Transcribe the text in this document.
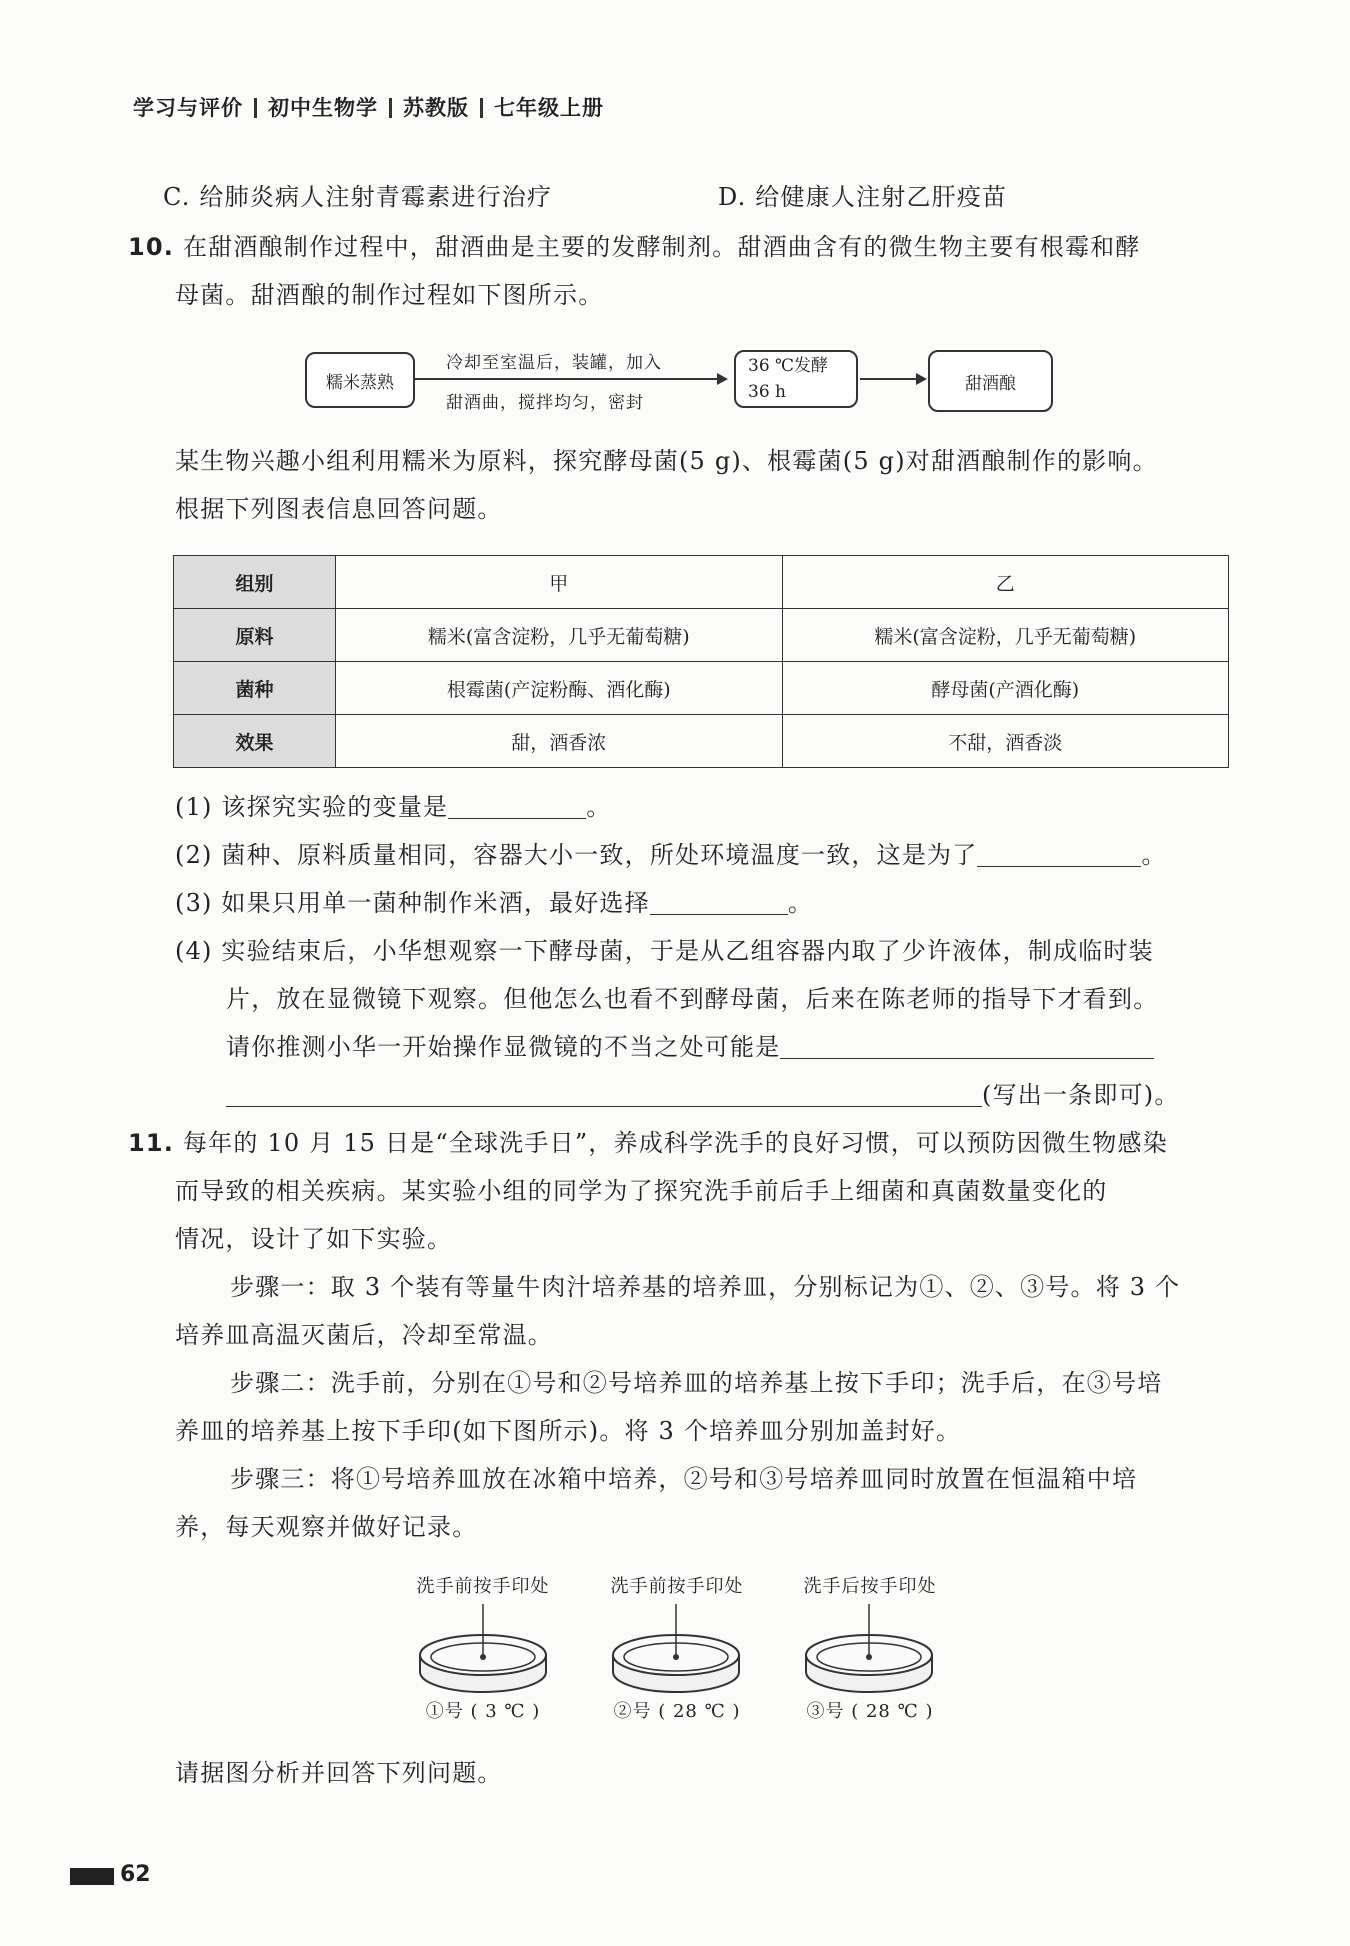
学习与评价 初中生物学 苏教版 七年级上册
C. 给肺炎病人注射青霉素进行治疗	D. 给健康人注射乙肝疫苗
10. 在甜酒酿制作过程中，甜酒曲是主要的发酵制剂。甜酒曲含有的微生物主要有根霉和酵
母菌。甜酒酿的制作过程如下图所示。
糯米蒸熟
冷却至室温后，装罐，加入
甜酒曲，搅拌均匀，密封
36 ℃发酵
36 h	甜酒酿
某生物兴趣小组利用糯米为原料，探究酵母菌(5 g)、根霉菌(5 g)对甜酒酿制作的影响。
根据下列图表信息回答问题。
组别	甲	乙
原料	糯米(富含淀粉，几乎无葡萄糖)	糯米(富含淀粉，几乎无葡萄糖)
菌种	根霉菌(产淀粉酶、酒化酶)	酵母菌(产酒化酶)
效果	甜，酒香浓	不甜，酒香淡
(1) 该探究实验的变量是	。
(2) 菌种、原料质量相同，容器大小一致，所处环境温度一致，这是为了	。
(3) 如果只用单一菌种制作米酒，最好选择	。
(4) 实验结束后，小华想观察一下酵母菌，于是从乙组容器内取了少许液体，制成临时装
片，放在显微镜下观察。但他怎么也看不到酵母菌，后来在陈老师的指导下才看到。
请你推测小华一开始操作显微镜的不当之处可能是
(写出一条即可)。
11. 每年的 10 月 15 日是“全球洗手日”，养成科学洗手的良好习惯，可以预防因微生物感染
而导致的相关疾病。某实验小组的同学为了探究洗手前后手上细菌和真菌数量变化的
情况，设计了如下实验。
步骤一：取 3 个装有等量牛肉汁培养基的培养皿，分别标记为①、②、③号。将 3 个
培养皿高温灭菌后，冷却至常温。
步骤二：洗手前，分别在①号和②号培养皿的培养基上按下手印；洗手后，在③号培
养皿的培养基上按下手印(如下图所示)。将 3 个培养皿分别加盖封好。
步骤三：将①号培养皿放在冰箱中培养，②号和③号培养皿同时放置在恒温箱中培
养，每天观察并做好记录。
洗手前按手印处	洗手前按手印处	洗手后按手印处
①号 ( 3 ℃ )	②号 ( 28 ℃ )	③号 ( 28 ℃ )
请据图分析并回答下列问题。
62
